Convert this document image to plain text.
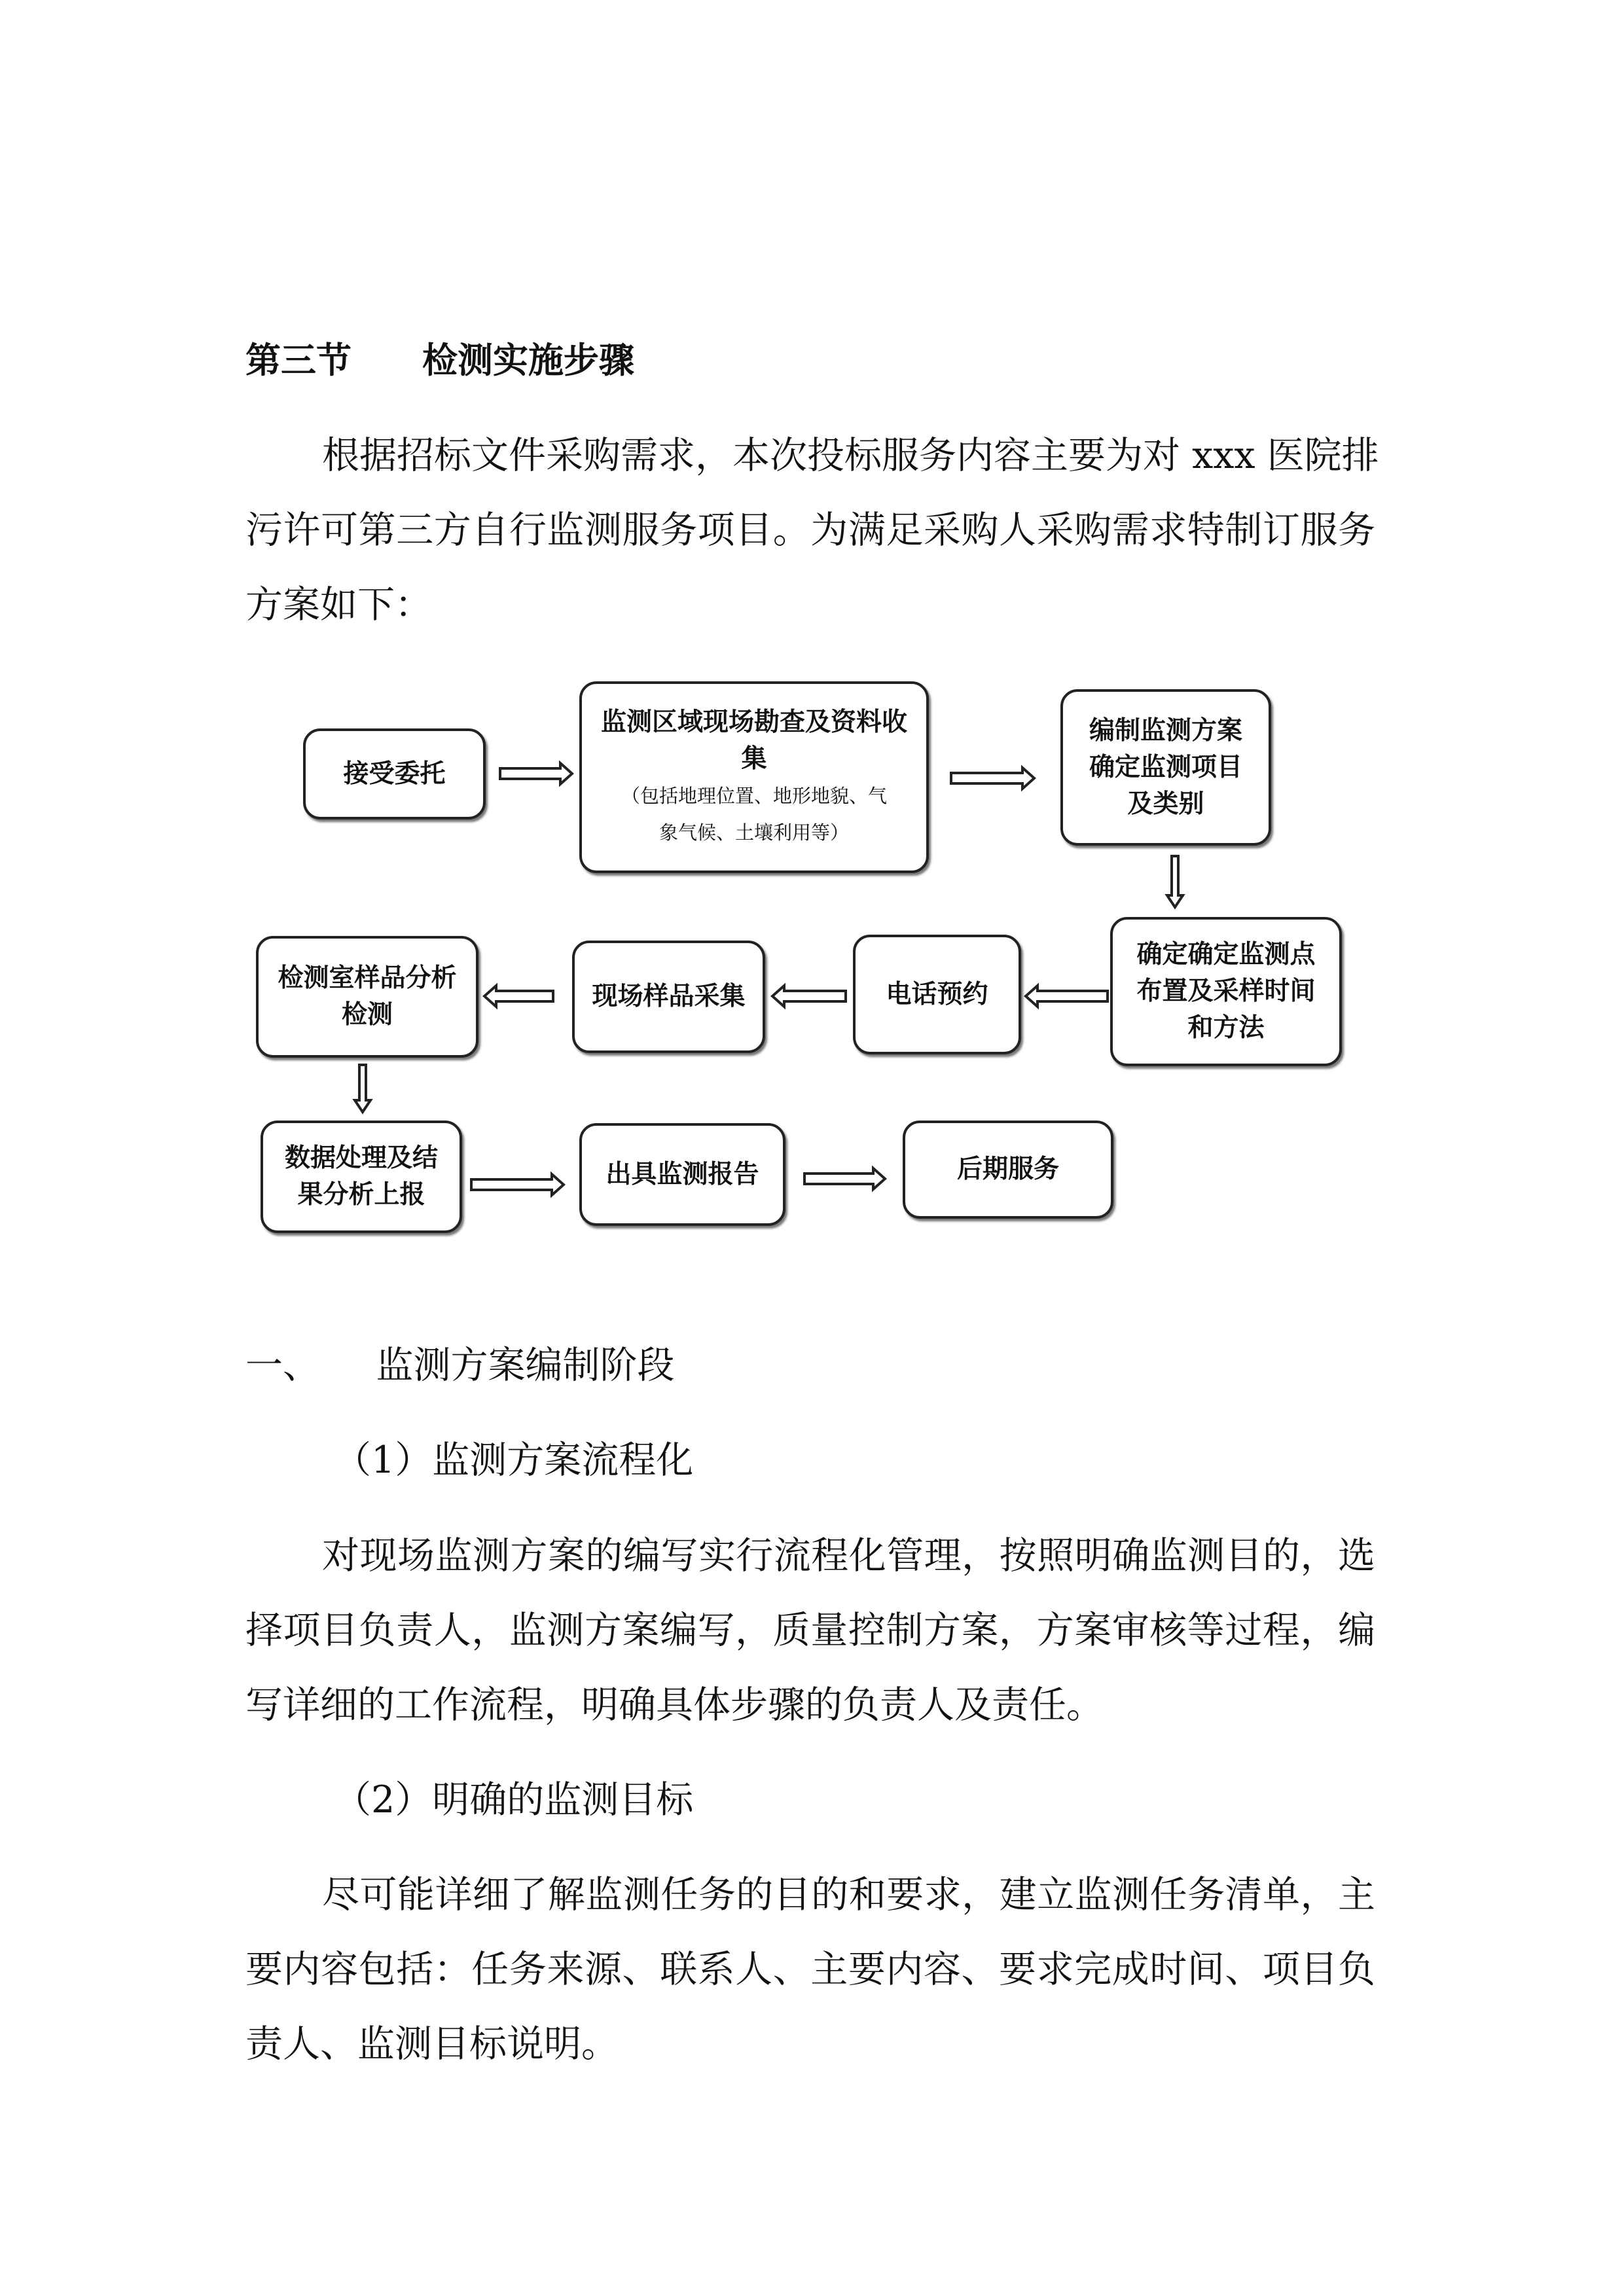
第三节　　检测实施步骤
根据招标文件采购需求，本次投标服务内容主要为对 xxx 医院排
污许可第三方自行监测服务项目。为满足采购人采购需求特制订服务
方案如下：
接受委托
监测区域现场勘查及资料收
集
（包括地理位置、地形地貌、气
象气候、土壤利用等）
编制监测方案
确定监测项目
及类别
确定确定监测点
布置及采样时间
和方法
电话预约
现场样品采集
检测室样品分析
检测
数据处理及结
果分析上报
出具监测报告	后期服务
一、　　监测方案编制阶段
（1）监测方案流程化
对现场监测方案的编写实行流程化管理，按照明确监测目的，选
择项目负责人，监测方案编写，质量控制方案，方案审核等过程，编
写详细的工作流程，明确具体步骤的负责人及责任。
（2）明确的监测目标
尽可能详细了解监测任务的目的和要求，建立监测任务清单，主
要内容包括：任务来源、联系人、主要内容、要求完成时间、项目负
责人、监测目标说明。
